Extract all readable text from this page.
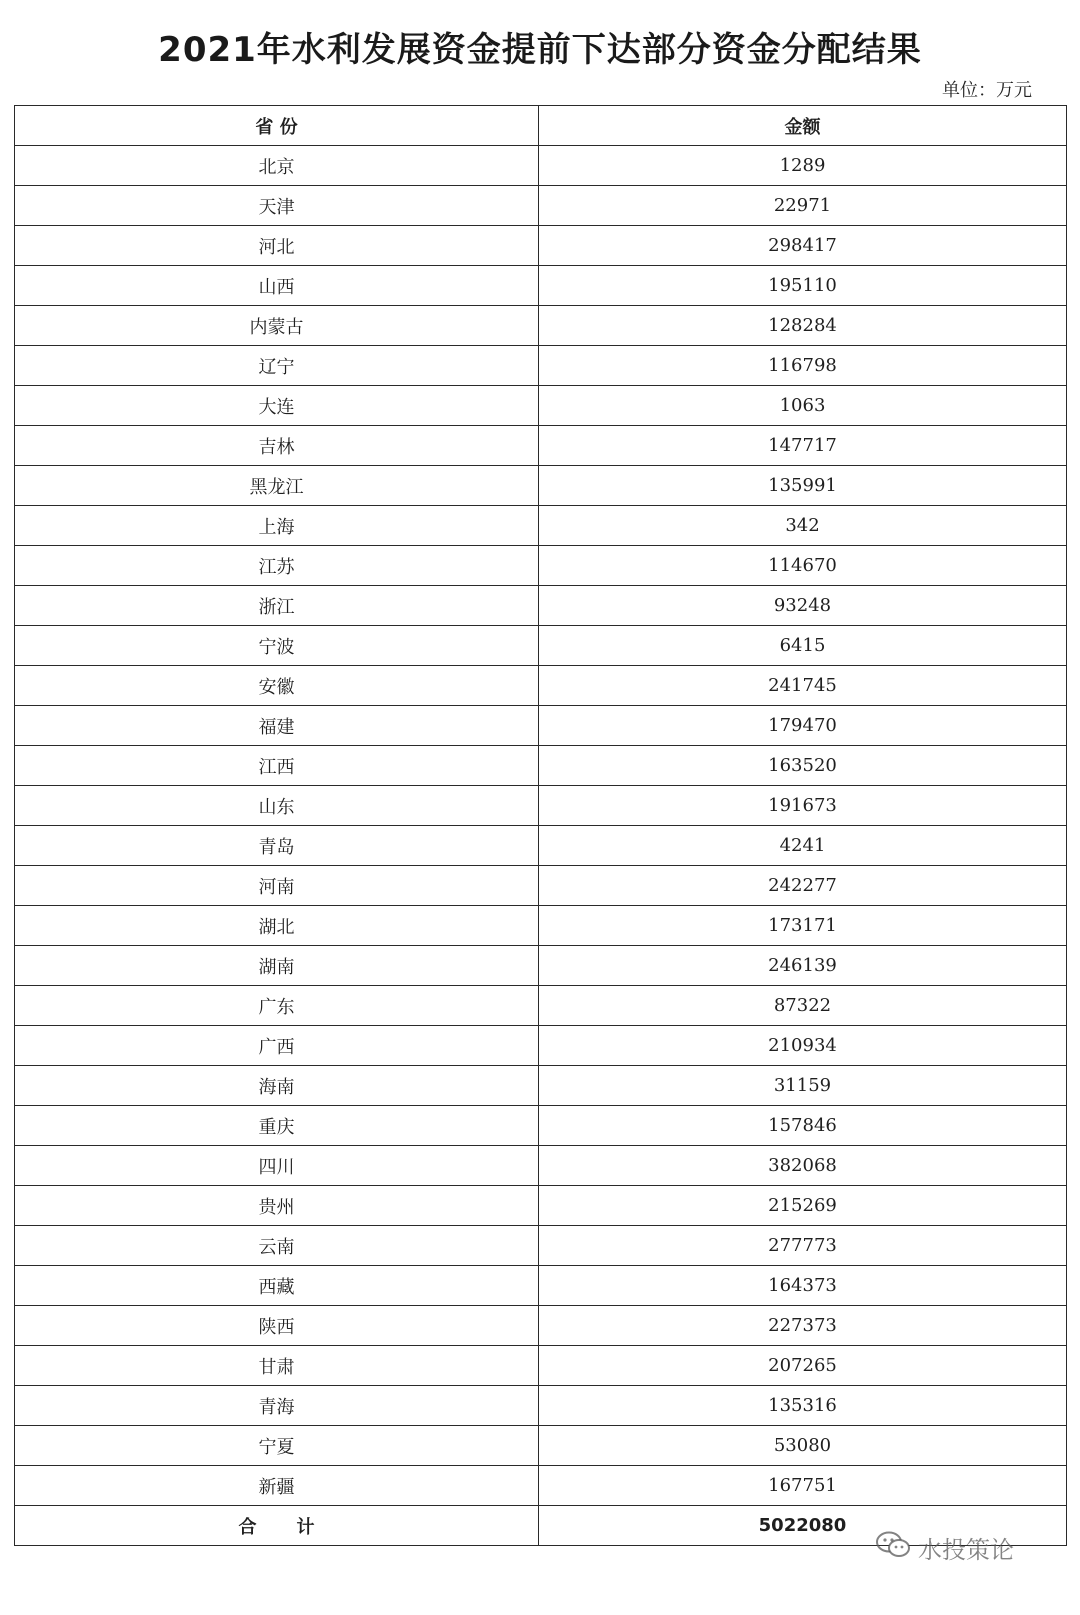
2021年水利发展资金提前下达部分资金分配结果
单位：万元
省 份	金额
北京	1289
天津	22971
河北	298417
山西	195110
内蒙古	128284
辽宁	116798
大连	1063
吉林	147717
黑龙江	135991
上海	342
江苏	114670
浙江	93248
宁波	6415
安徽	241745
福建	179470
江西	163520
山东	191673
青岛	4241
河南	242277
湖北	173171
湖南	246139
广东	87322
广西	210934
海南	31159
重庆	157846
四川	382068
贵州	215269
云南	277773
西藏	164373
陕西	227373
甘肃	207265
青海	135316
宁夏	53080
新疆	167751
合计	5022080
水投策论
